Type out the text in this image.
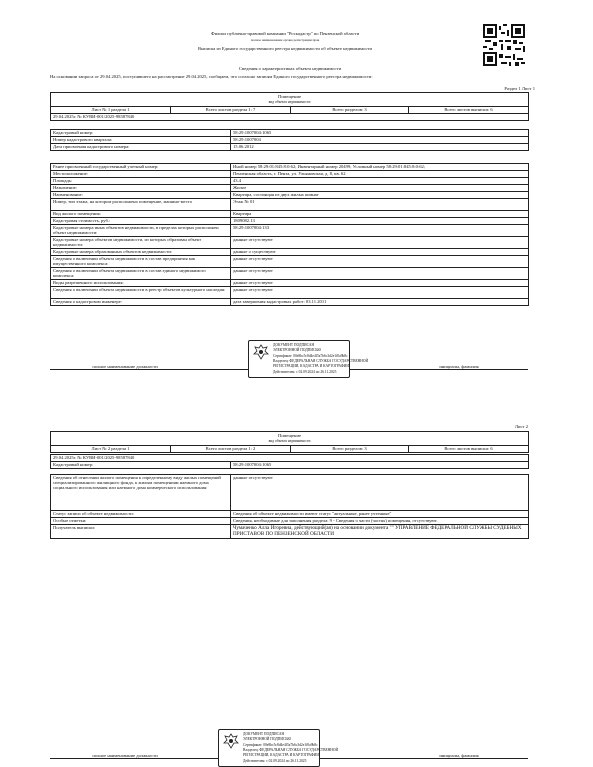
Филиал публично-правовой компании "Роскадастр" по Пензенской области
полное наименование органа регистрации прав
Выписка из Единого государственного реестра недвижимости об объекте недвижимости
Сведения о характеристиках объекта недвижимости
На основании запроса от 29.04.2025, поступившего на рассмотрение 29.04.2025, сообщаем, что согласно записям Единого государственного реестра недвижимости:
Раздел 1 Лист 1
Помещение
вид объекта недвижимости

Лист № 1 раздела 1	Всего листов раздела 1: 7	Всего разделов: 3	Всего листов выписки: 6
29.04.2025г. № КУВИ-001/2025-98587840
Кадастровый номер:	58:29:1007004:1065
Номер кадастрового квартала:	58:29:1007004
Дата присвоения кадастрового номера:	15.06.2012
Ранее присвоенный государственный учетный номер:	Иной номер 58:29:01:845:8:0:62; Инвентарный номер 20499; Условный номер 58:29:01:845:8:0:62;
Местоположение:	Пензенская область, г. Пенза, ул. Ульяновская, д. 8, кв. 62
Площадь:	43.4
Назначение:	Жилое
Наименование:	Квартира, состоящая из двух жилых комнат
Номер, тип этажа, на котором расположено помещение, машино-место	Этаж № 01
Вид жилого помещения:	Квартира
Кадастровая стоимость, руб.:	1809082.13
Кадастровые номера иных объектов недвижимости, в пределах которых расположен объект недвижимости:	58:29:1007004:133
Кадастровые номера объектов недвижимости, из которых образован объект недвижимости:	данные отсутствуют
Кадастровые номера образованных объектов недвижимости:	данные о существуют
Сведения о включении объекта недвижимости в состав предприятия как имущественного комплекса:	данные отсутствуют
Сведения о включении объекта недвижимости в состав единого недвижимого комплекса:	данные отсутствуют
Виды разрешенного использования:	данные отсутствуют
Сведения о включении объекта недвижимости в реестр объектов культурного наследия:	данные отсутствуют
Сведения о кадастровом инженере:	дата завершения кадастровых работ: 03.11.2011
полное наименование должности	инициалы, фамилия
ДОКУМЕНТ ПОДПИСАН
ЭЛЕКТРОННОЙ ПОДПИСЬЮ
Сертификат: 00e8bc5c8d4e4f5a7b6c3d2e1f0a9b8c
Владелец: ФЕДЕРАЛЬНАЯ СЛУЖБА ГОСУДАРСТВЕННОЙ
РЕГИСТРАЦИИ, КАДАСТРА И КАРТОГРАФИИ
Действителен: с 02.09.2024 по 26.11.2025
Лист 2
Помещение
вид объекта недвижимости

Лист № 2 раздела 1	Всего листов раздела 1: 2	Всего разделов: 3	Всего листов выписки: 6
29.04.2025г. № КУВИ-001/2025-98587840
Кадастровый номер:	58:29:1007004:1065
Сведения об отнесении жилого помещения к определенному виду жилых помещений специализированного жилищного фонда, к жилым помещениям наемного дома социального использования или наемного дома коммерческого использования:	данные отсутствуют
Статус записи об объекте недвижимости:	Сведения об объекте недвижимости имеют статус "актуальные, ранее учтенные"
Особые отметки:	Сведения, необходимые для заполнения раздела: 9 - Сведения о части (частях) помещения, отсутствуют.
Получатель выписки:	Чумаченко Алла Игоревна, действующий(ая) на основании документа "" УПРАВЛЕНИЕ ФЕДЕРАЛЬНОЙ СЛУЖБЫ СУДЕБНЫХ ПРИСТАВОВ ПО ПЕНЗЕНСКОЙ ОБЛАСТИ
полное наименование должности	инициалы, фамилия
ДОКУМЕНТ ПОДПИСАН
ЭЛЕКТРОННОЙ ПОДПИСЬЮ
Сертификат: 00e8bc5c8d4e4f5a7b6c3d2e1f0a9b8c
Владелец: ФЕДЕРАЛЬНАЯ СЛУЖБА ГОСУДАРСТВЕННОЙ
РЕГИСТРАЦИИ, КАДАСТРА И КАРТОГРАФИИ
Действителен: с 02.09.2024 по 26.11.2025
